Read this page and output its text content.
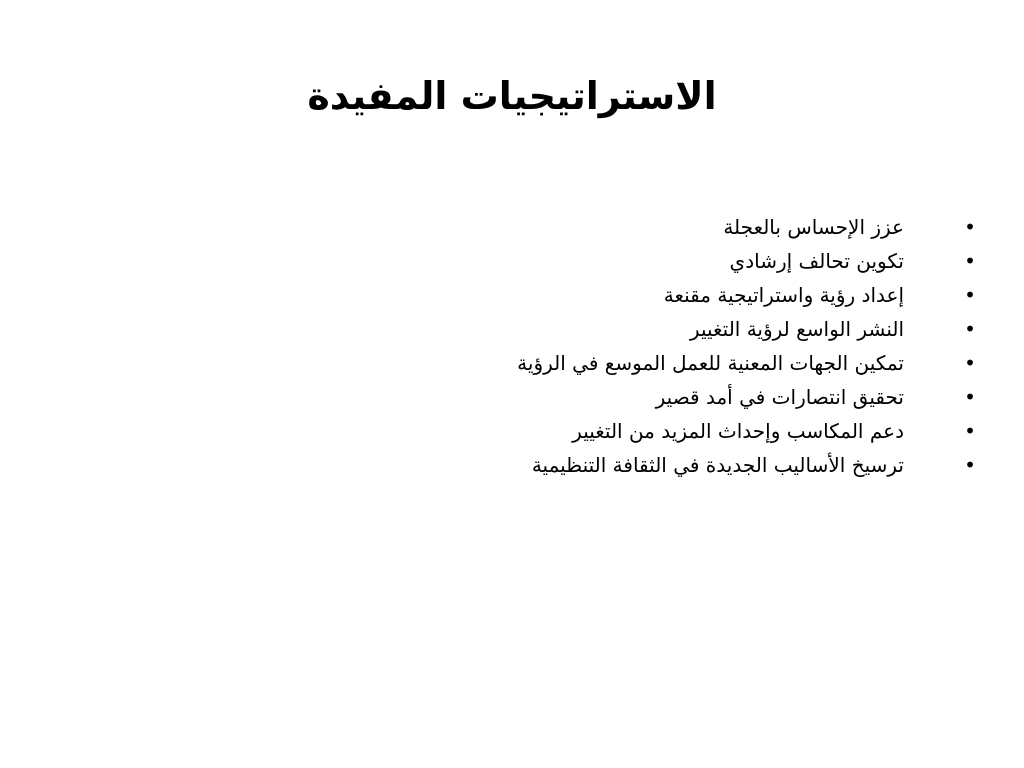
الاستراتيجيات المفيدة
•
عزز الإحساس بالعجلة
•
تكوين تحالف إرشادي
•
إعداد رؤية واستراتيجية مقنعة
•
النشر الواسع لرؤية التغيير
•
تمكين الجهات المعنية للعمل الموسع في الرؤية
•
تحقيق انتصارات في أمد قصير
•
دعم المكاسب وإحداث المزيد من التغيير
•
ترسيخ الأساليب الجديدة في الثقافة التنظيمية
